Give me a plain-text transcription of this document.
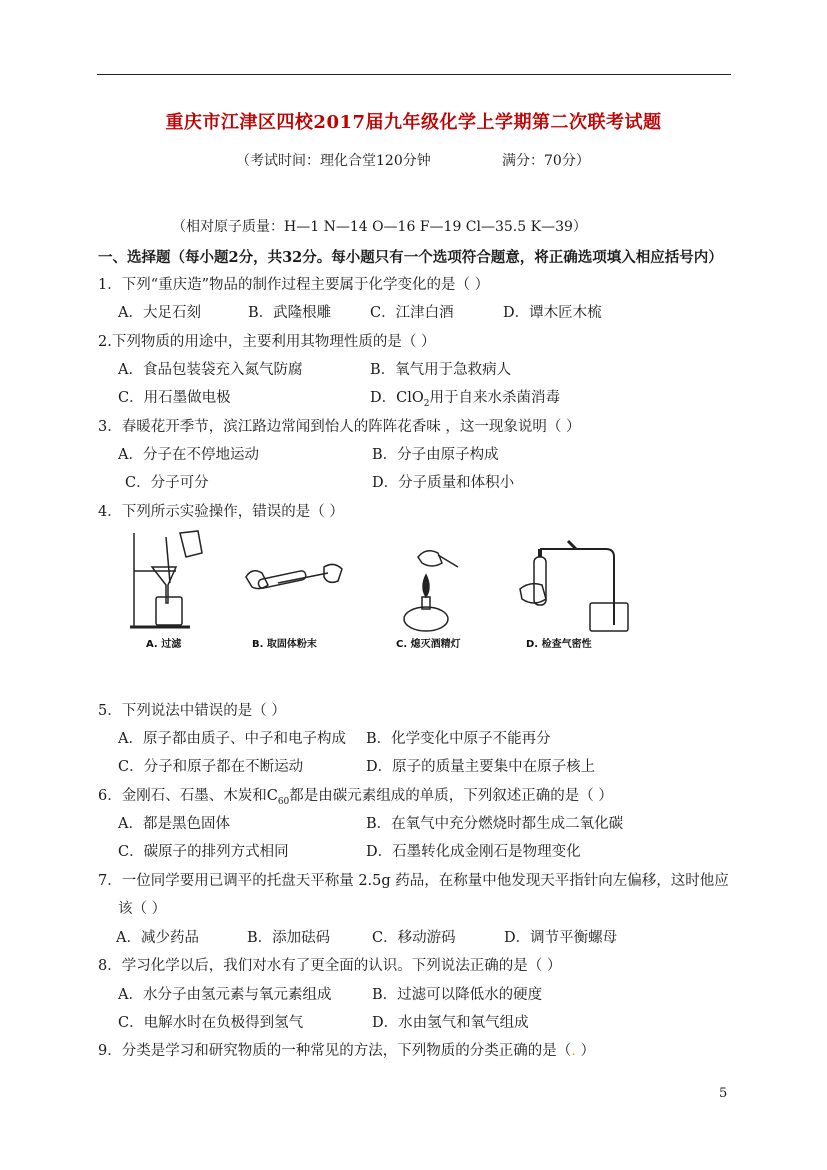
重庆市江津区四校2017届九年级化学上学期第二次联考试题
（考试时间：理化合堂120分钟	满分：70分）
（相对原子质量：H—1 N—14 O—16 F—19 Cl—35.5 K—39）
一、选择题（每小题2分，共32分。每小题只有一个选项符合题意，将正确选项填入相应括号内）
1．下列“重庆造”物品的制作过程主要属于化学变化的是（ ）
A．大足石刻	B．武隆根雕	C．江津白酒	D．谭木匠木梳
2.下列物质的用途中，主要利用其物理性质的是（ ）
A．食品包装袋充入氮气防腐	B．氧气用于急救病人
C．用石墨做电极	D．ClO$_2$用于自来水杀菌消毒
3．春暖花开季节，滨江路边常闻到怡人的阵阵花香味 ，这一现象说明（ ）
A．分子在不停地运动	B．分子由原子构成
C．分子可分	D．分子质量和体积小
4．下列所示实验操作，错误的是（ ）
A. 过滤	B. 取固体粉末	C. 熄灭酒精灯	D. 检查气密性
5．下列说法中错误的是（ ）
A．原子都由质子、中子和电子构成 B．化学变化中原子不能再分
C．分子和原子都在不断运动	D．原子的质量主要集中在原子核上
6．金刚石、石墨、木炭和$C_{60}$都是由碳元素组成的单质，下列叙述正确的是（ ）
A．都是黑色固体	B．在氧气中充分燃烧时都生成二氧化碳
C．碳原子的排列方式相同	D．石墨转化成金刚石是物理变化
7．一位同学要用已调平的托盘天平称量 2.5g 药品，在称量中他发现天平指针向左偏移，这时他应
该（ ）
A．减少药品	B．添加砝码	C．移动游码	D．调节平衡螺母
8．学习化学以后，我们对水有了更全面的认识。下列说法正确的是（ ）
A．水分子由氢元素与氧元素组成	B．过滤可以降低水的硬度
C．电解水时在负极得到氢气	D．水由氢气和氧气组成
9．分类是学习和研究物质的一种常见的方法，下列物质的分类正确的是（. ）
5
